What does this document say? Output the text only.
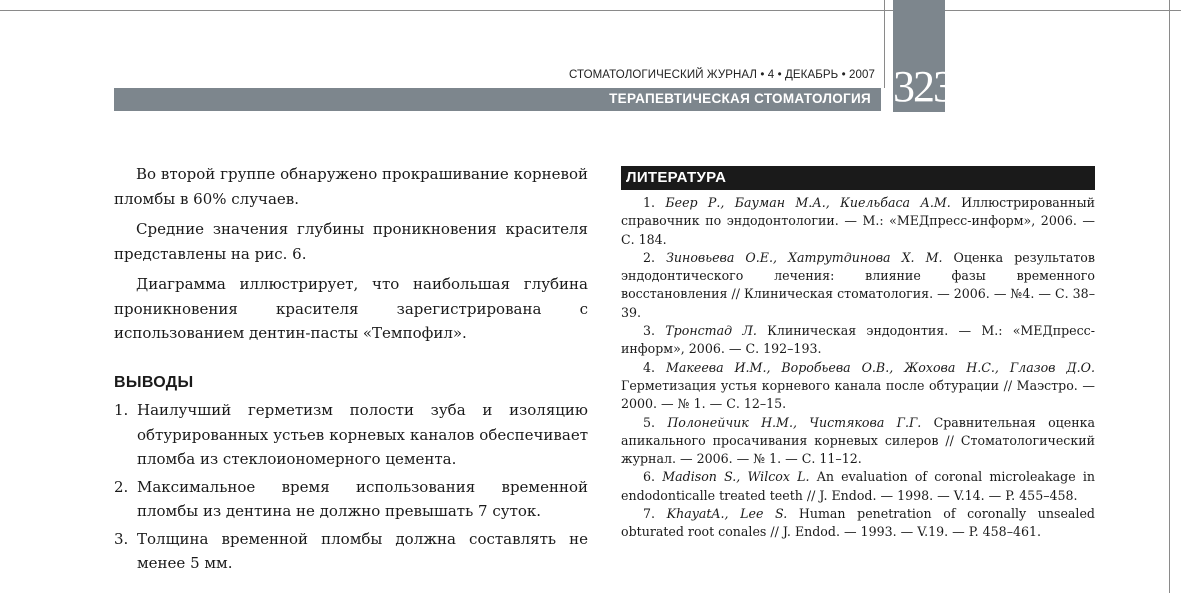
323
СТОМАТОЛОГИЧЕСКИЙ ЖУРНАЛ • 4 • ДЕКАБРЬ • 2007
ТЕРАПЕВТИЧЕСКАЯ СТОМАТОЛОГИЯ

Во второй группе обнаружено прокрашивание корневой пломбы в 60% случаев.

Средние значения глубины проникновения красителя представлены на рис. 6.

Диаграмма иллюстрирует, что наибольшая глубина проникновения красителя зарегистрирована с использованием дентин-пасты «Темпофил».

ВЫВОДЫ
1. Наилучший герметизм полости зуба и изоляцию обтурированных устьев корневых каналов обеспечивает пломба из стеклоиономерного цемента.
2. Максимальное время использования временной пломбы из дентина не должно превышать 7 суток.
3. Толщина временной пломбы должна составлять не менее 5 мм.
ЛИТЕРАТУРА

1. Беер Р., Бауман М.А., Киельбаса А.М. Иллюстрированный справочник по эндодонтологии. — М.: «МЕДпресс-информ», 2006. — С. 184.

2. Зиновьева О.Е., Хатрутдинова Х. М. Оценка результатов эндодонтического лечения: влияние фазы временного восстановления // Клиническая стоматология. — 2006. — №4. — С. 38–39.

3. Тронстад Л. Клиническая эндодонтия. — М.: «МЕДпресс-информ», 2006. — С. 192–193.

4. Макеева И.М., Воробьева О.В., Жохова Н.С., Глазов Д.О. Герметизация устья корневого канала после обтурации // Маэстро. — 2000. — № 1. — С. 12–15.

5. Полонейчик Н.М., Чистякова Г.Г. Сравнительная оценка апикального просачивания корневых силеров // Стоматологический журнал. — 2006. — № 1. — С. 11–12.

6. Madison S., Wilcox L. An evaluation of coronal microleakage in endodonticalle treated teeth // J. Endod. — 1998. — V.14. — P. 455–458.

7. KhayatA., Lee S. Human penetration of coronally unsealed obturated root conales // J. Endod. — 1993. — V.19. — P. 458–461.
